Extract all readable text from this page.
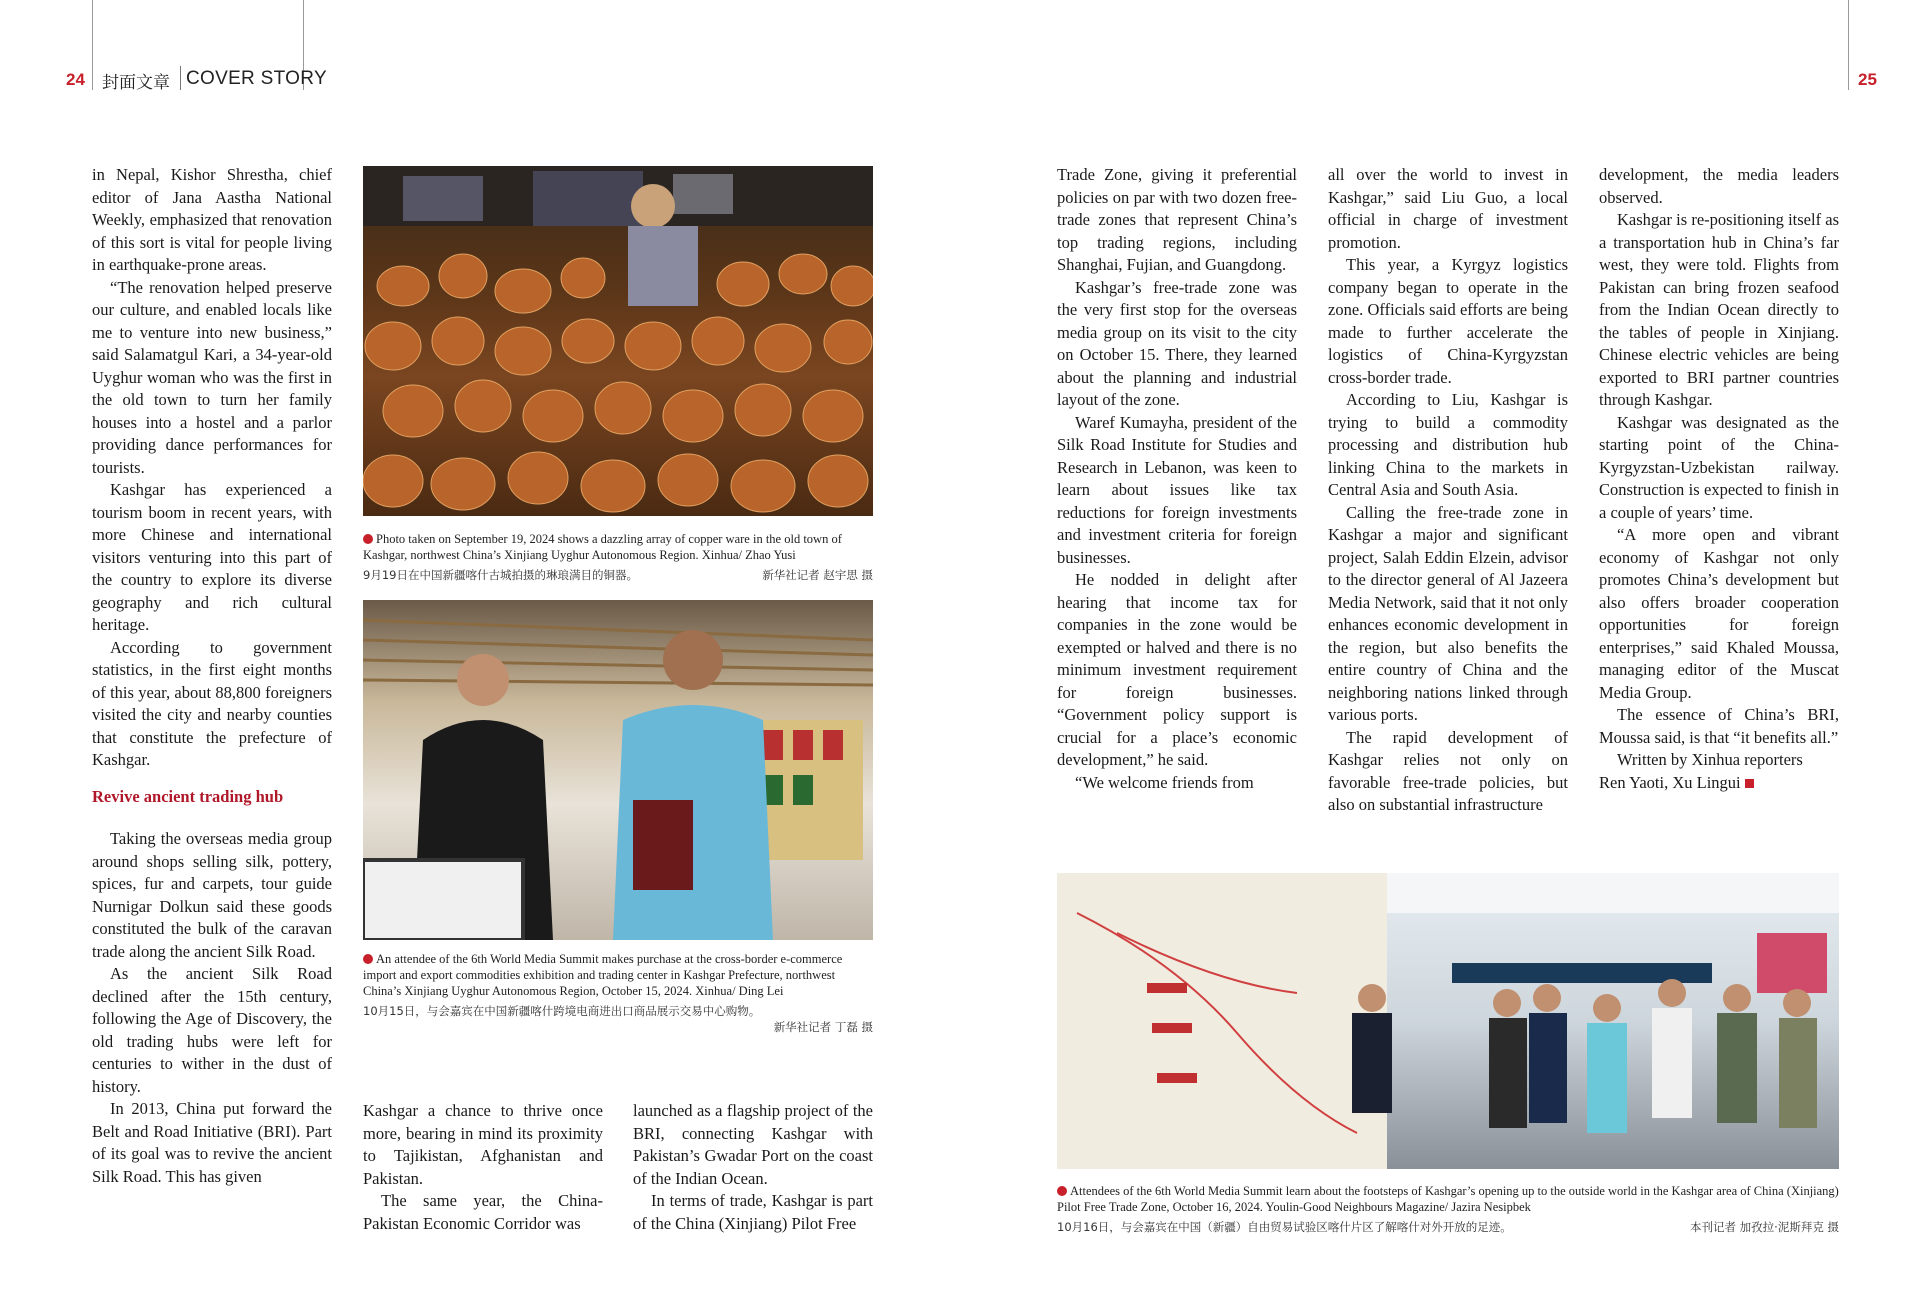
24 封面文章 COVER STORY	25

in Nepal, Kishor Shrestha, chief editor of Jana Aastha National Weekly, emphasized that renovation of this sort is vital for people living in earthquake-prone areas.

“The renovation helped preserve our culture, and enabled locals like me to venture into new business,” said Salamatgul Kari, a 34-year-old Uyghur woman who was the first in the old town to turn her family houses into a hostel and a parlor providing dance performances for tourists.

Kashgar has experienced a tourism boom in recent years, with more Chinese and international visitors venturing into this part of the country to explore its diverse geography and rich cultural heritage.

According to government statistics, in the first eight months of this year, about 88,800 foreigners visited the city and nearby counties that constitute the prefecture of Kashgar.

Revive ancient trading hub

Taking the overseas media group around shops selling silk, pottery, spices, fur and carpets, tour guide Nurnigar Dolkun said these goods constituted the bulk of the caravan trade along the ancient Silk Road.

As the ancient Silk Road declined after the 15th century, following the Age of Discovery, the old trading hubs were left for centuries to wither in the dust of history.

In 2013, China put forward the Belt and Road Initiative (BRI). Part of its goal was to revive the ancient Silk Road. This has given

Photo taken on September 19, 2024 shows a dazzling array of copper ware in the old town of Kashgar, northwest China’s Xinjiang Uyghur Autonomous Region. Xinhua/ Zhao Yusi
9月19日在中国新疆喀什古城拍摄的琳琅满目的铜器。	新华社记者 赵宇思 摄
An attendee of the 6th World Media Summit makes purchase at the cross-border e-commerce import and export commodities exhibition and trading center in Kashgar Prefecture, northwest China’s Xinjiang Uyghur Autonomous Region, October 15, 2024. Xinhua/ Ding Lei
10月15日，与会嘉宾在中国新疆喀什跨境电商进出口商品展示交易中心购物。
新华社记者 丁磊 摄

Kashgar a chance to thrive once more, bearing in mind its proximity to Tajikistan, Afghanistan and Pakistan.

The same year, the China-Pakistan Economic Corridor was

launched as a flagship project of the BRI, connecting Kashgar with Pakistan’s Gwadar Port on the coast of the Indian Ocean.

In terms of trade, Kashgar is part of the China (Xinjiang) Pilot Free

Trade Zone, giving it preferential policies on par with two dozen free-trade zones that represent China’s top trading regions, including Shanghai, Fujian, and Guangdong.

Kashgar’s free-trade zone was the very first stop for the overseas media group on its visit to the city on October 15. There, they learned about the planning and industrial layout of the zone.

Waref Kumayha, president of the Silk Road Institute for Studies and Research in Lebanon, was keen to learn about issues like tax reductions for foreign investments and investment criteria for foreign businesses.

He nodded in delight after hearing that income tax for companies in the zone would be exempted or halved and there is no minimum investment requirement for foreign businesses. “Government policy support is crucial for a place’s economic development,” he said.

“We welcome friends from

all over the world to invest in Kashgar,” said Liu Guo, a local official in charge of investment promotion.

This year, a Kyrgyz logistics company began to operate in the zone. Officials said efforts are being made to further accelerate the logistics of China-Kyrgyzstan cross-border trade.

According to Liu, Kashgar is trying to build a commodity processing and distribution hub linking China to the markets in Central Asia and South Asia.

Calling the free-trade zone in Kashgar a major and significant project, Salah Eddin Elzein, advisor to the director general of Al Jazeera Media Network, said that it not only enhances economic development in the region, but also benefits the entire country of China and the neighboring nations linked through various ports.

The rapid development of Kashgar relies not only on favorable free-trade policies, but also on substantial infrastructure

development, the media leaders observed.

Kashgar is re-positioning itself as a transportation hub in China’s far west, they were told. Flights from Pakistan can bring frozen seafood from the Indian Ocean directly to the tables of people in Xinjiang. Chinese electric vehicles are being exported to BRI partner countries through Kashgar.

Kashgar was designated as the starting point of the China-Kyrgyzstan-Uzbekistan railway. Construction is expected to finish in a couple of years’ time.

“A more open and vibrant economy of Kashgar not only promotes China’s development but also offers broader cooperation opportunities for foreign enterprises,” said Khaled Moussa, managing editor of the Muscat Media Group.

The essence of China’s BRI, Moussa said, is that “it benefits all.”

Written by Xinhua reporters

Ren Yaoti, Xu Lingui

Attendees of the 6th World Media Summit learn about the footsteps of Kashgar’s opening up to the outside world in the Kashgar area of China (Xinjiang) Pilot Free Trade Zone, October 16, 2024. Youlin-Good Neighbours Magazine/ Jazira Nesipbek
10月16日，与会嘉宾在中国（新疆）自由贸易试验区喀什片区了解喀什对外开放的足迹。	本刊记者 加孜拉·泥斯拜克 摄
